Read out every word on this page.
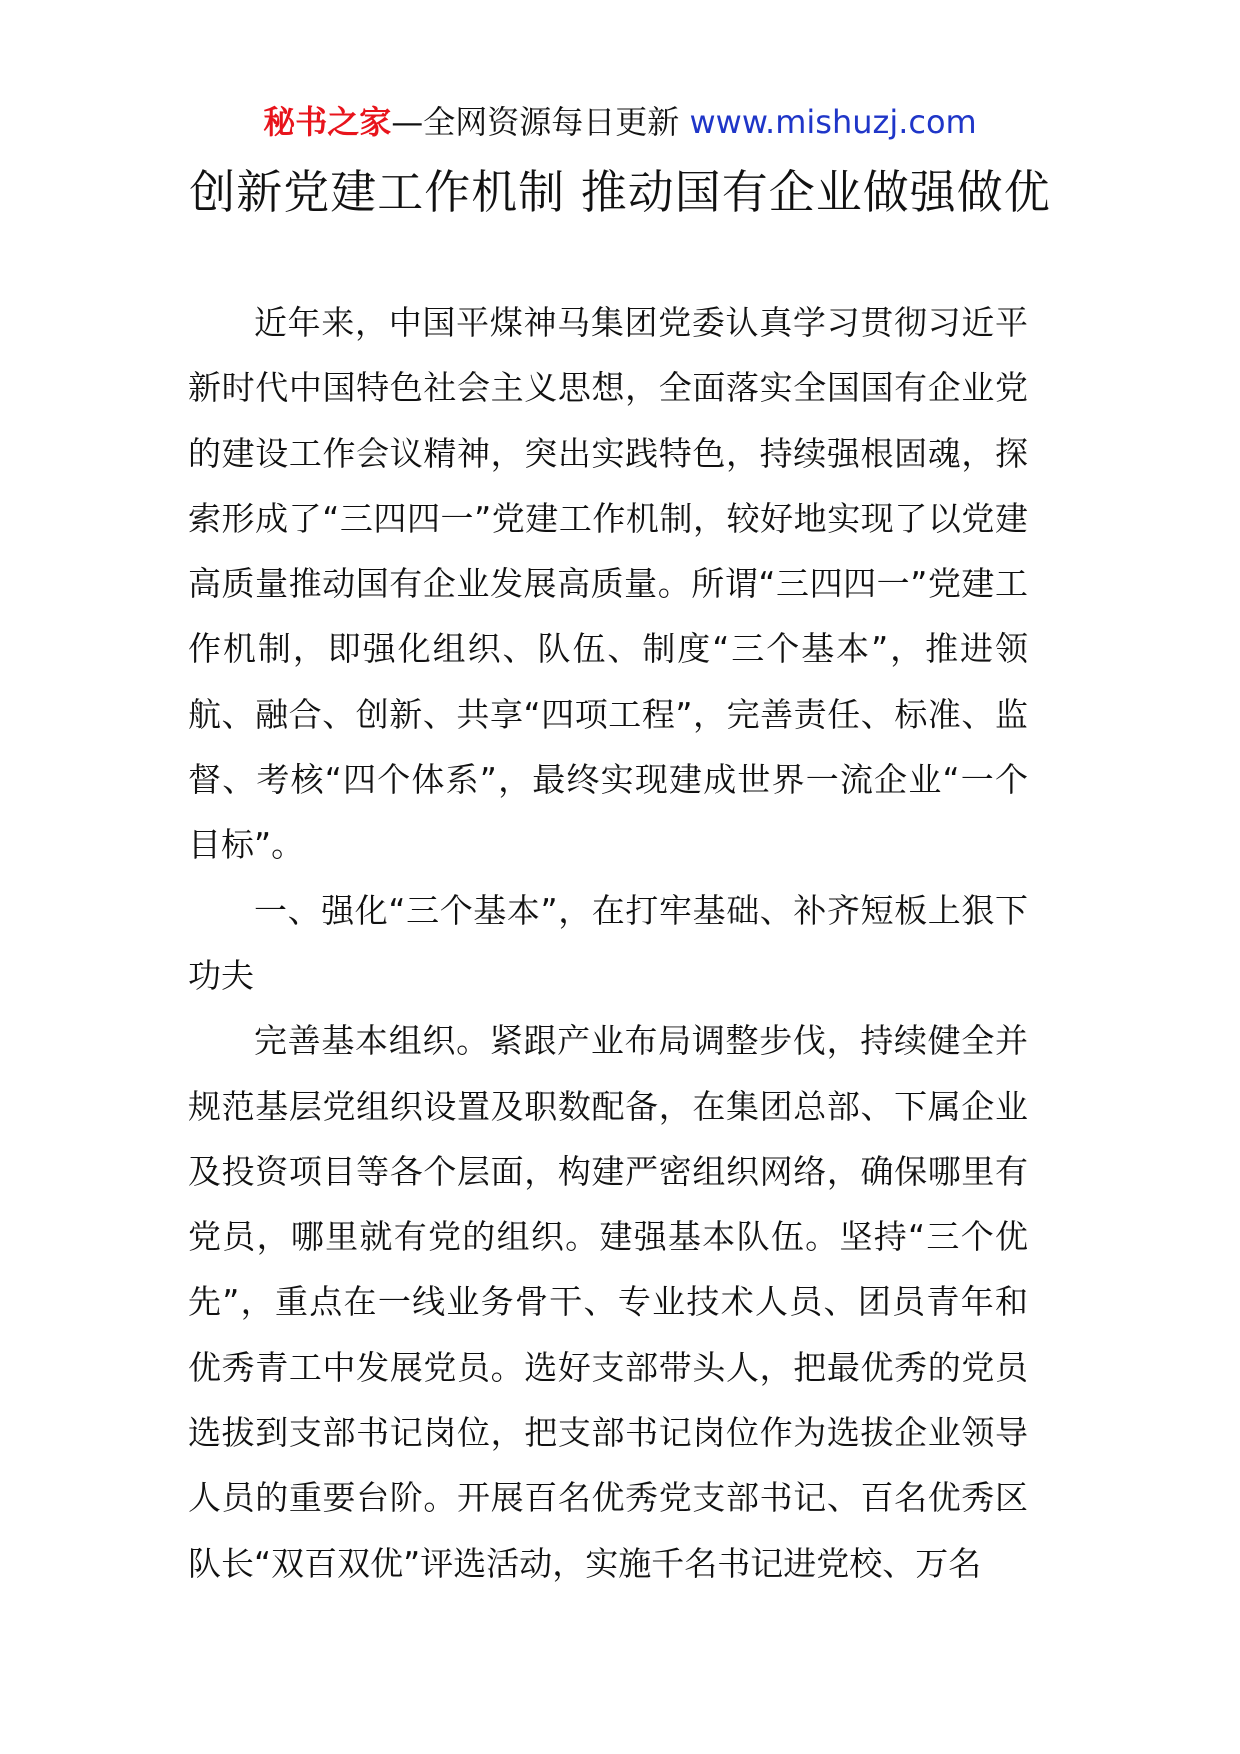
秘书之家—全网资源每日更新 www.mishuzj.com
创新党建工作机制 推动国有企业做强做优

近年来，中国平煤神马集团党委认真学习贯彻习近平新时代中国特色社会主义思想，全面落实全国国有企业党的建设工作会议精神，突出实践特色，持续强根固魂，探索形成了“三四四一”党建工作机制，较好地实现了以党建高质量推动国有企业发展高质量。所谓“三四四一”党建工作机制，即强化组织、队伍、制度“三个基本”，推进领航、融合、创新、共享“四项工程”，完善责任、标准、监督、考核“四个体系”，最终实现建成世界一流企业“一个目标”。

一、强化“三个基本”，在打牢基础、补齐短板上狠下功夫

完善基本组织。紧跟产业布局调整步伐，持续健全并规范基层党组织设置及职数配备，在集团总部、下属企业及投资项目等各个层面，构建严密组织网络，确保哪里有党员，哪里就有党的组织。建强基本队伍。坚持“三个优先”，重点在一线业务骨干、专业技术人员、团员青年和优秀青工中发展党员。选好支部带头人，把最优秀的党员选拔到支部书记岗位，把支部书记岗位作为选拔企业领导人员的重要台阶。开展百名优秀党支部书记、百名优秀区队长“双百双优”评选活动，实施千名书记进党校、万名
